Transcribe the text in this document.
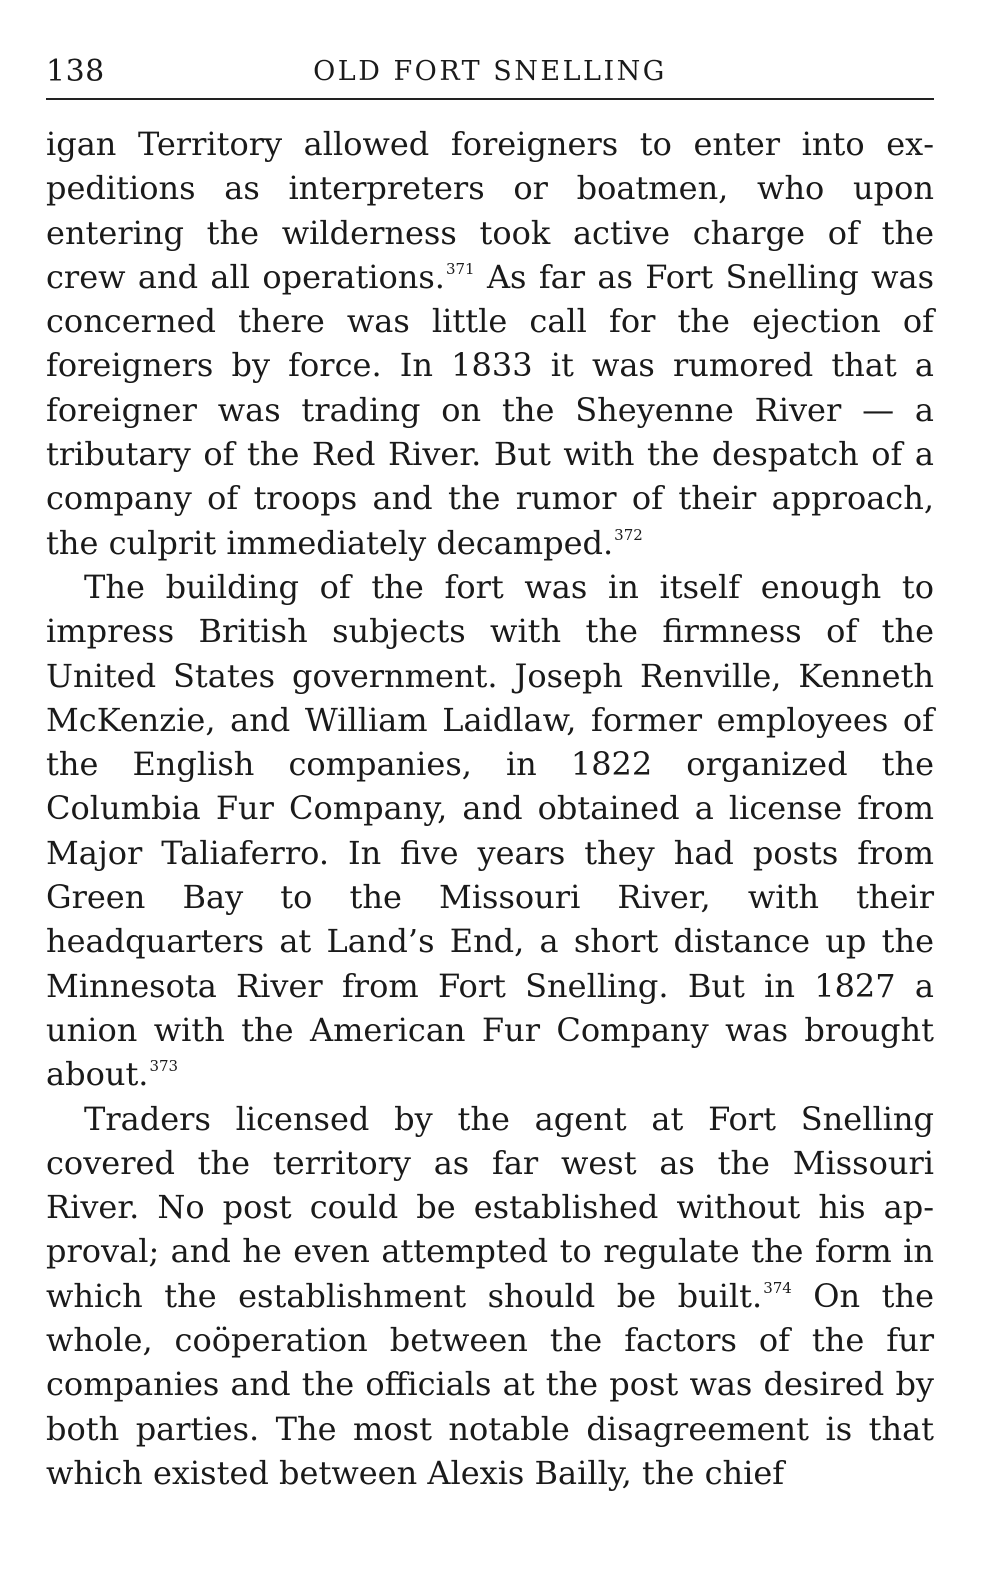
138	OLD FORT SNELLING

igan Territory allowed foreigners to enter into expeditions as interpreters or boatmen, who upon entering the wilderness took active charge of the crew and all operations.$^{371}$ As far as Fort Snelling was concerned there was little call for the ejection of foreigners by force. In 1833 it was rumored that a foreigner was trading on the Sheyenne River — a tributary of the Red River. But with the despatch of a company of troops and the rumor of their approach, the culprit immediately decamped.$^{372}$

The building of the fort was in itself enough to impress British subjects with the firmness of the United States government. Joseph Renville, Kenneth McKenzie, and William Laidlaw, former employees of the English companies, in 1822 organized the Columbia Fur Company, and obtained a license from Major Taliaferro. In five years they had posts from Green Bay to the Missouri River, with their headquarters at Land’s End, a short distance up the Minnesota River from Fort Snelling. But in 1827 a union with the American Fur Company was brought about.$^{373}$

Traders licensed by the agent at Fort Snelling covered the territory as far west as the Missouri River. No post could be established without his approval; and he even attempted to regulate the form in which the establishment should be built.$^{374}$ On the whole, coöperation between the factors of the fur companies and the officials at the post was desired by both parties. The most notable disagreement is that which existed between Alexis Bailly, the chief
